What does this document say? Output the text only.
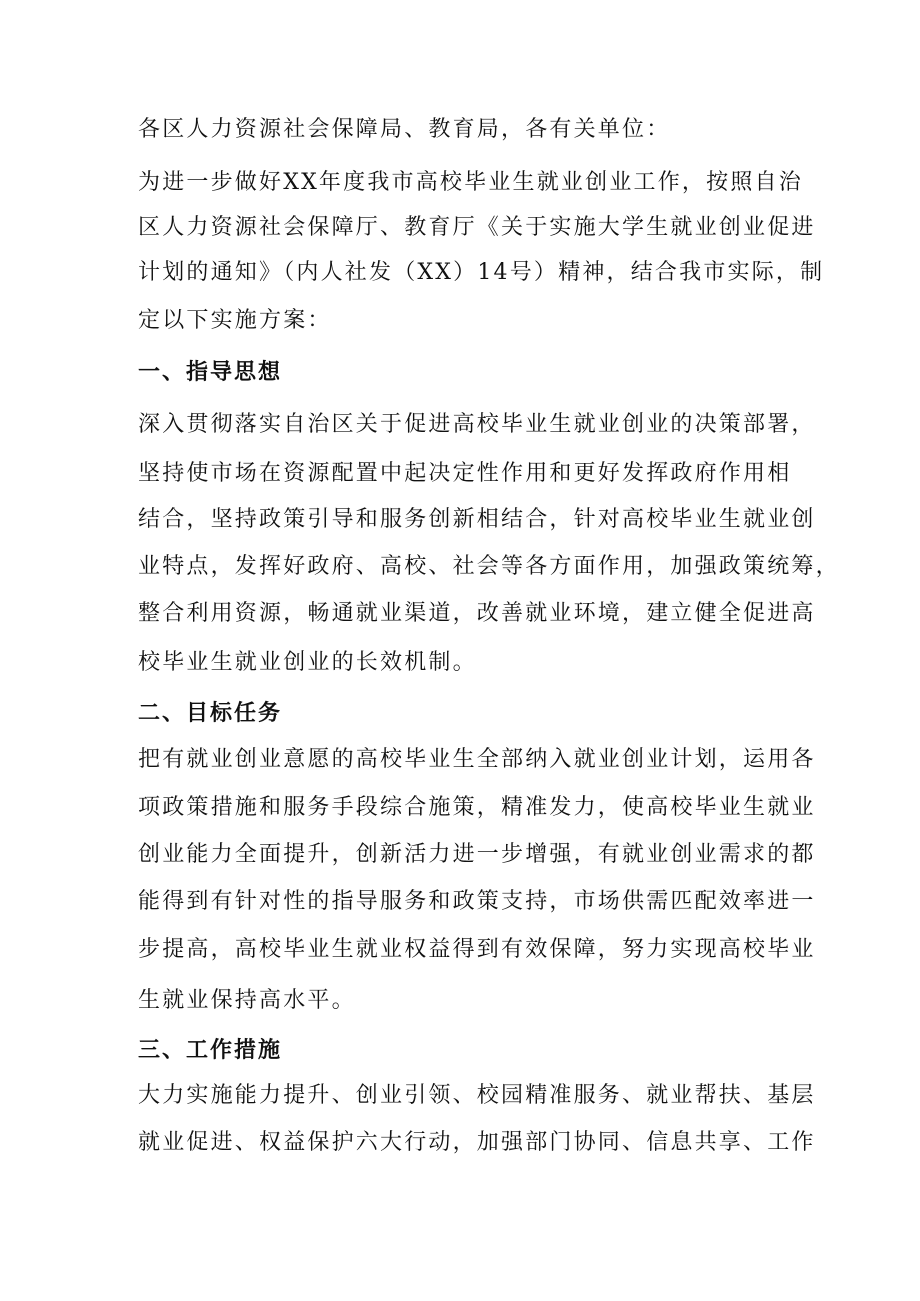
各区人力资源社会保障局、教育局，各有关单位：
为进一步做好XX年度我市高校毕业生就业创业工作，按照自治
区人力资源社会保障厅、教育厅《关于实施大学生就业创业促进
计划的通知》（内人社发（XX）14号）精神，结合我市实际，制
定以下实施方案：
一、指导思想
深入贯彻落实自治区关于促进高校毕业生就业创业的决策部署，
坚持使市场在资源配置中起决定性作用和更好发挥政府作用相
结合，坚持政策引导和服务创新相结合，针对高校毕业生就业创
业特点，发挥好政府、高校、社会等各方面作用，加强政策统筹，
整合利用资源，畅通就业渠道，改善就业环境，建立健全促进高
校毕业生就业创业的长效机制。
二、目标任务
把有就业创业意愿的高校毕业生全部纳入就业创业计划，运用各
项政策措施和服务手段综合施策，精准发力，使高校毕业生就业
创业能力全面提升，创新活力进一步增强，有就业创业需求的都
能得到有针对性的指导服务和政策支持，市场供需匹配效率进一
步提高，高校毕业生就业权益得到有效保障，努力实现高校毕业
生就业保持高水平。
三、工作措施
大力实施能力提升、创业引领、校园精准服务、就业帮扶、基层
就业促进、权益保护六大行动，加强部门协同、信息共享、工作
